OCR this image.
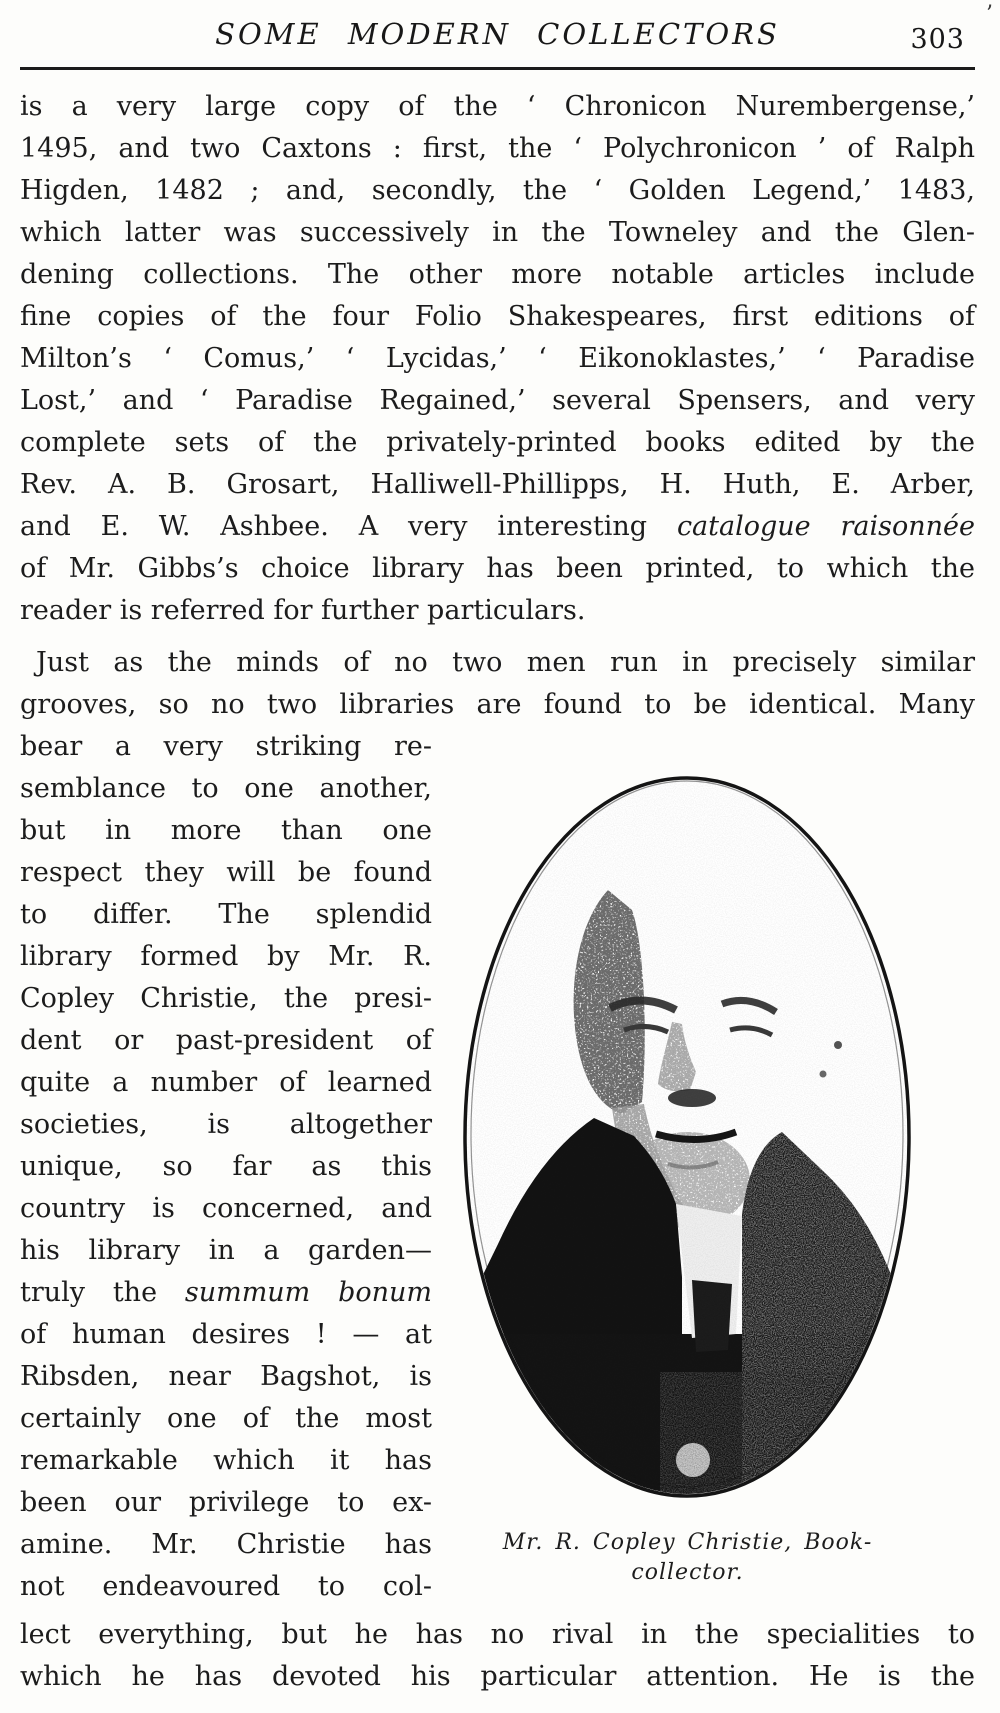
’
SOME MODERN COLLECTORS	303
is a very large copy of the ‘ Chronicon Nurembergense,’
1495, and two Caxtons : first, the ‘ Polychronicon ’ of Ralph
Higden, 1482 ; and, secondly, the ‘ Golden Legend,’ 1483,
which latter was successively in the Towneley and the Glen-
dening collections. The other more notable articles include
fine copies of the four Folio Shakespeares, first editions of
Milton’s ‘ Comus,’ ‘ Lycidas,’ ‘ Eikonoklastes,’ ‘ Paradise
Lost,’ and ‘ Paradise Regained,’ several Spensers, and very
complete sets of the privately-printed books edited by the
Rev. A. B. Grosart, Halliwell-Phillipps, H. Huth, E. Arber,
and E. W. Ashbee. A very interesting catalogue raisonnée
of Mr. Gibbs’s choice library has been printed, to which the
reader is referred for further particulars.
Just as the minds of no two men run in precisely similar
grooves, so no two libraries are found to be identical. Many
bear a very striking re-
semblance to one another,
but in more than one
respect they will be found
to differ. The splendid
library formed by Mr. R.
Copley Christie, the presi-
dent or past-president of
quite a number of learned
societies, is altogether
unique, so far as this
country is concerned, and
his library in a garden—
truly the summum bonum
of human desires ! — at
Ribsden, near Bagshot, is
certainly one of the most
remarkable which it has
been our privilege to ex-
amine. Mr. Christie has
not endeavoured to col-
Mr. R. Copley Christie, Book-collector.
lect everything, but he has no rival in the specialities to
which he has devoted his particular attention. He is the
